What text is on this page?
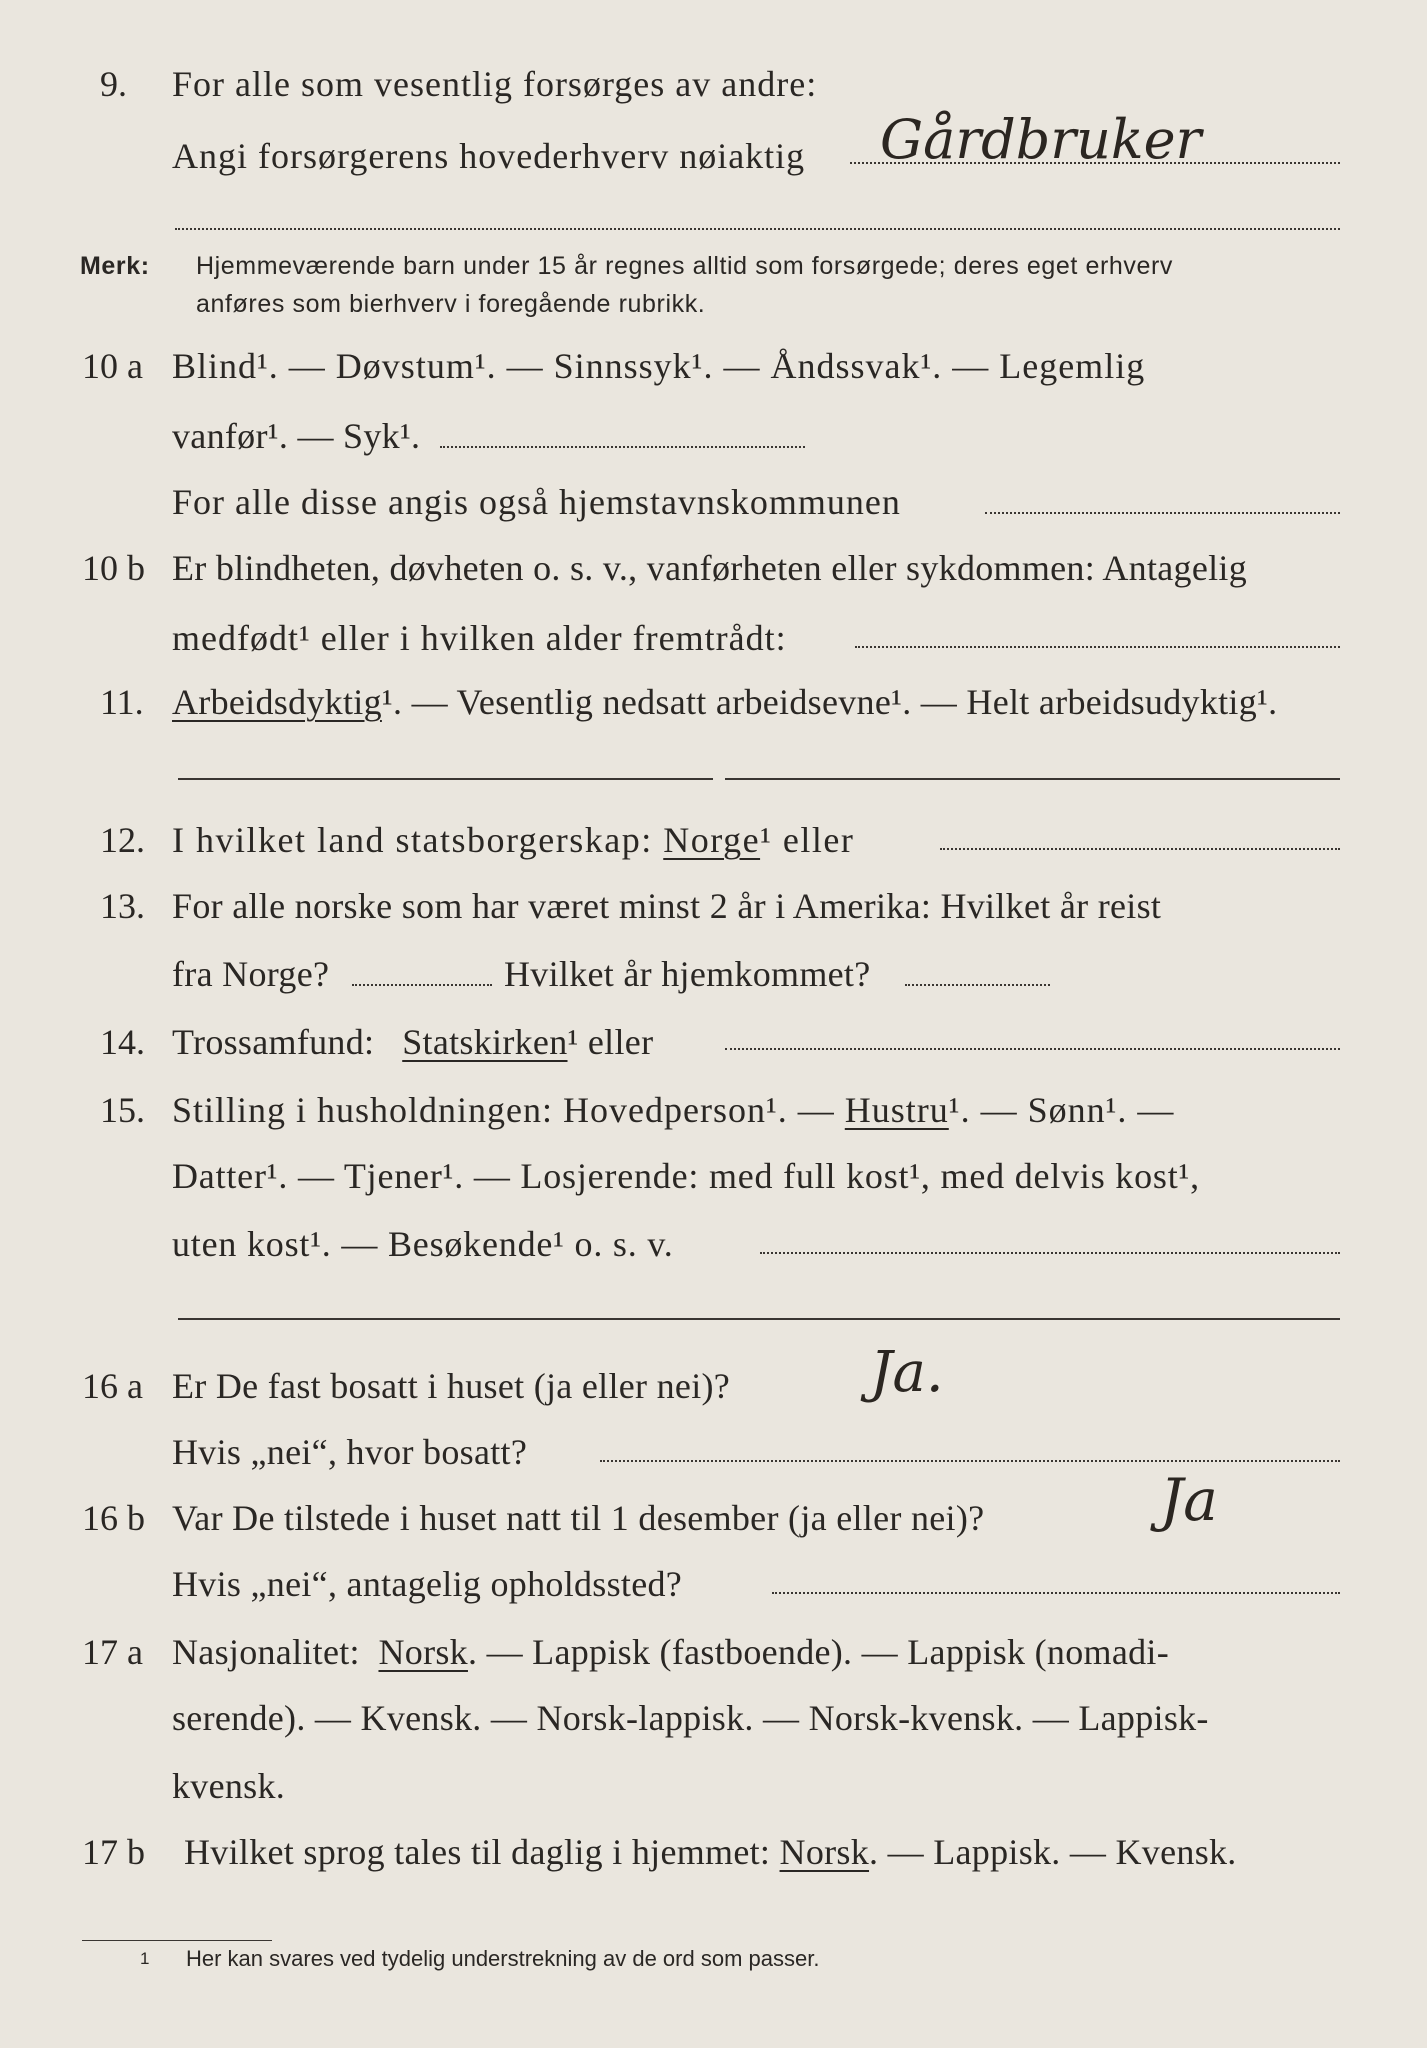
9. For alle som vesentlig forsørges av andre:
Angi forsørgerens hovederhverv nøiaktig Gårdbruker
Merk: Hjemmeværende barn under 15 år regnes alltid som forsørgede; deres eget erhverv
anføres som bierhverv i foregående rubrikk.
10 a Blind¹. — Døvstum¹. — Sinnssyk¹. — Åndssvak¹. — Legemlig
vanfør¹. — Syk¹.
For alle disse angis også hjemstavnskommunen
10 b Er blindheten, døvheten o. s. v., vanførheten eller sykdommen: Antagelig
medfødt¹ eller i hvilken alder fremtrådt:
11. Arbeidsdyktig¹. — Vesentlig nedsatt arbeidsevne¹. — Helt arbeidsudyktig¹.
12. I hvilket land statsborgerskap: Norge¹ eller
13. For alle norske som har været minst 2 år i Amerika: Hvilket år reist
fra Norge?	Hvilket år hjemkommet?
14. Trossamfund: Statskirken¹ eller
15. Stilling i husholdningen: Hovedperson¹. — Hustru¹. — Sønn¹. —
Datter¹. — Tjener¹. — Losjerende: med full kost¹, med delvis kost¹,
uten kost¹. — Besøkende¹ o. s. v.
16 a Er De fast bosatt i huset (ja eller nei)? Ja.
Hvis „nei“, hvor bosatt?
16 b Var De tilstede i huset natt til 1 desember (ja eller nei)?	Ja
Hvis „nei“, antagelig opholdssted?
17 a Nasjonalitet: Norsk. — Lappisk (fastboende). — Lappisk (nomadi-
serende). — Kvensk. — Norsk-lappisk. — Norsk-kvensk. — Lappisk-
kvensk.
17 b Hvilket sprog tales til daglig i hjemmet: Norsk. — Lappisk. — Kvensk.
1 Her kan svares ved tydelig understrekning av de ord som passer.
